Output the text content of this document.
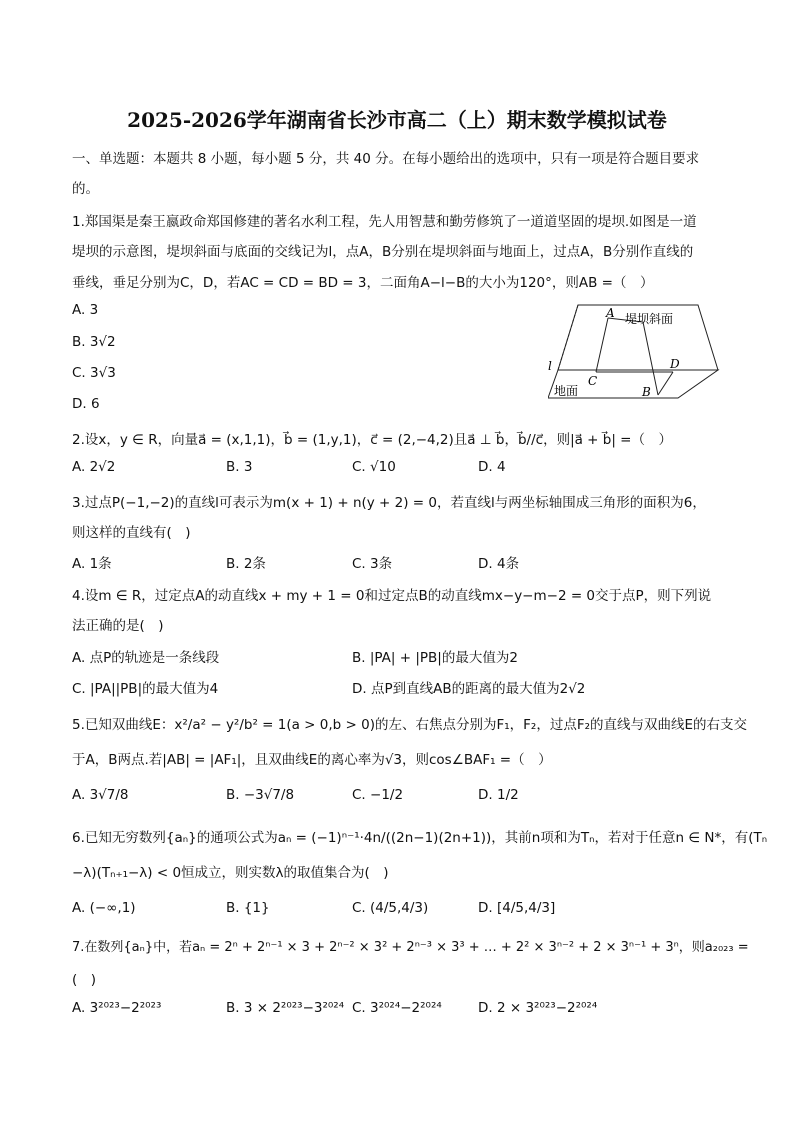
2025-2026学年湖南省长沙市高二（上）期末数学模拟试卷
一、单选题：本题共 8 小题，每小题 5 分，共 40 分。在每小题给出的选项中，只有一项是符合题目要求
的。
1.郑国渠是秦王嬴政命郑国修建的著名水利工程，先人用智慧和勤劳修筑了一道道坚固的堤坝.如图是一道
堤坝的示意图，堤坝斜面与底面的交线记为l，点A，B分别在堤坝斜面与地面上，过点A，B分别作直线的
垂线，垂足分别为C，D，若AC = CD = BD = 3，二面角A−l−B的大小为120°，则AB =（　）
A. 3
B. 3√2
C. 3√3
D. 6
A
C
D
B
l
堤坝斜面
地面
2.设x，y ∈ R，向量a⃗ = (x,1,1)，b⃗ = (1,y,1)，c⃗ = (2,−4,2)且a⃗ ⊥ b⃗，b⃗//c⃗，则|a⃗ + b⃗| =（　）
A. 2√2	B. 3	C. √10	D. 4
3.过点P(−1,−2)的直线l可表示为m(x + 1) + n(y + 2) = 0，若直线l与两坐标轴围成三角形的面积为6，
则这样的直线有(　)
A. 1条	B. 2条	C. 3条	D. 4条
4.设m ∈ R，过定点A的动直线x + my + 1 = 0和过定点B的动直线mx−y−m−2 = 0交于点P，则下列说
法正确的是(　)
A. 点P的轨迹是一条线段	B. |PA| + |PB|的最大值为2
C. |PA||PB|的最大值为4	D. 点P到直线AB的距离的最大值为2√2
5.已知双曲线E：x²/a² − y²/b² = 1(a > 0,b > 0)的左、右焦点分别为F₁，F₂，过点F₂的直线与双曲线E的右支交
于A，B两点.若|AB| = |AF₁|，且双曲线E的离心率为√3，则cos∠BAF₁ =（　）
A. 3√7/8	B. −3√7/8	C. −1/2	D. 1/2
6.已知无穷数列{aₙ}的通项公式为aₙ = (−1)ⁿ⁻¹·4n/((2n−1)(2n+1))，其前n项和为Tₙ，若对于任意n ∈ N*，有(Tₙ
−λ)(Tₙ₊₁−λ) < 0恒成立，则实数λ的取值集合为(　)
A. (−∞,1)	B. {1}	C. (4/5,4/3)	D. [4/5,4/3]
7.在数列{aₙ}中，若aₙ = 2ⁿ + 2ⁿ⁻¹ × 3 + 2ⁿ⁻² × 3² + 2ⁿ⁻³ × 3³ + … + 2² × 3ⁿ⁻² + 2 × 3ⁿ⁻¹ + 3ⁿ，则a₂₀₂₃ =
(　)
A. 3²⁰²³−2²⁰²³	B. 3 × 2²⁰²³−3²⁰²⁴ C. 3²⁰²⁴−2²⁰²⁴	D. 2 × 3²⁰²³−2²⁰²⁴
